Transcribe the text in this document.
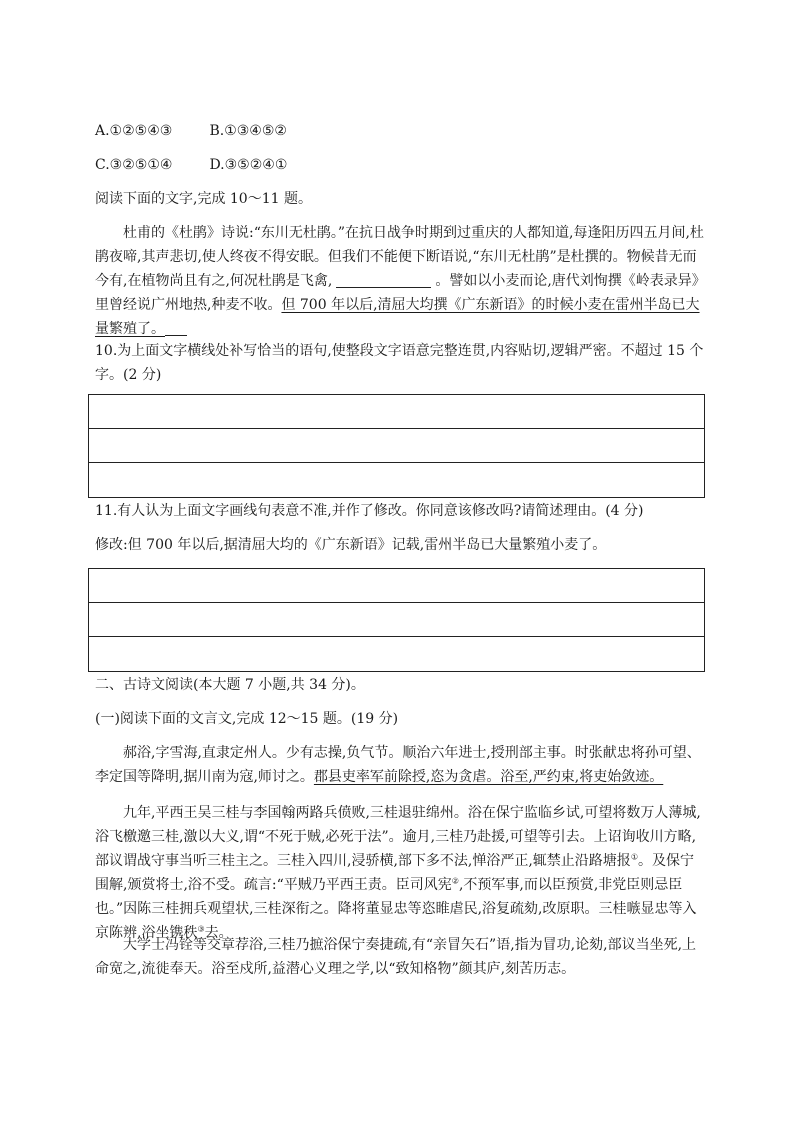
A.①②⑤④③	B.①③④⑤②
C.③②⑤①④	D.③⑤②④①
阅读下面的文字,完成 10～11 题。
杜甫的《杜鹃》诗说:“东川无杜鹃。”在抗日战争时期到过重庆的人都知道,每逢阳历四五月间,杜鹃夜啼,其声悲切,使人终夜不得安眠。但我们不能便下断语说,“东川无杜鹃”是杜撰的。物候昔无而今有,在植物尚且有之,何况杜鹃是飞禽,	。譬如以小麦而论,唐代刘恂撰《岭表录异》里曾经说广州地热,种麦不收。但 700 年以后,清屈大均撰《广东新语》的时候小麦在雷州半岛已大量繁殖了。
10.为上面文字横线处补写恰当的语句,使整段文字语意完整连贯,内容贴切,逻辑严密。不超过 15 个字。(2 分)
11.有人认为上面文字画线句表意不准,并作了修改。你同意该修改吗?请简述理由。(4 分)
修改:但 700 年以后,据清屈大均的《广东新语》记载,雷州半岛已大量繁殖小麦了。
二、古诗文阅读(本大题 7 小题,共 34 分)。
(一)阅读下面的文言文,完成 12～15 题。(19 分)
郝浴,字雪海,直隶定州人。少有志操,负气节。顺治六年进士,授刑部主事。时张献忠将孙可望、李定国等降明,据川南为寇,师讨之。郡县吏率军前除授,恣为贪虐。浴至,严约束,将吏始敛迹。
九年,平西王吴三桂与李国翰两路兵偾败,三桂退驻绵州。浴在保宁监临乡试,可望将数万人薄城,浴飞檄邀三桂,激以大义,谓“不死于贼,必死于法”。逾月,三桂乃赴援,可望等引去。上诏询收川方略,部议谓战守事当听三桂主之。三桂入四川,浸骄横,部下多不法,惮浴严正,辄禁止沿路塘报①。及保宁围解,颁赏将士,浴不受。疏言:“平贼乃平西王责。臣司风宪②,不预军事,而以臣预赏,非党臣则忌臣也。”因陈三桂拥兵观望状,三桂深衔之。降将董显忠等恣睢虐民,浴复疏劾,改原职。三桂嗾显忠等入京陈辨,浴坐镌秩③去。
大学士冯铨等交章荐浴,三桂乃摭浴保宁奏捷疏,有“亲冒矢石”语,指为冒功,论劾,部议当坐死,上命宽之,流徙奉天。浴至戍所,益潜心义理之学,以“致知格物”颜其庐,刻苦历志。
